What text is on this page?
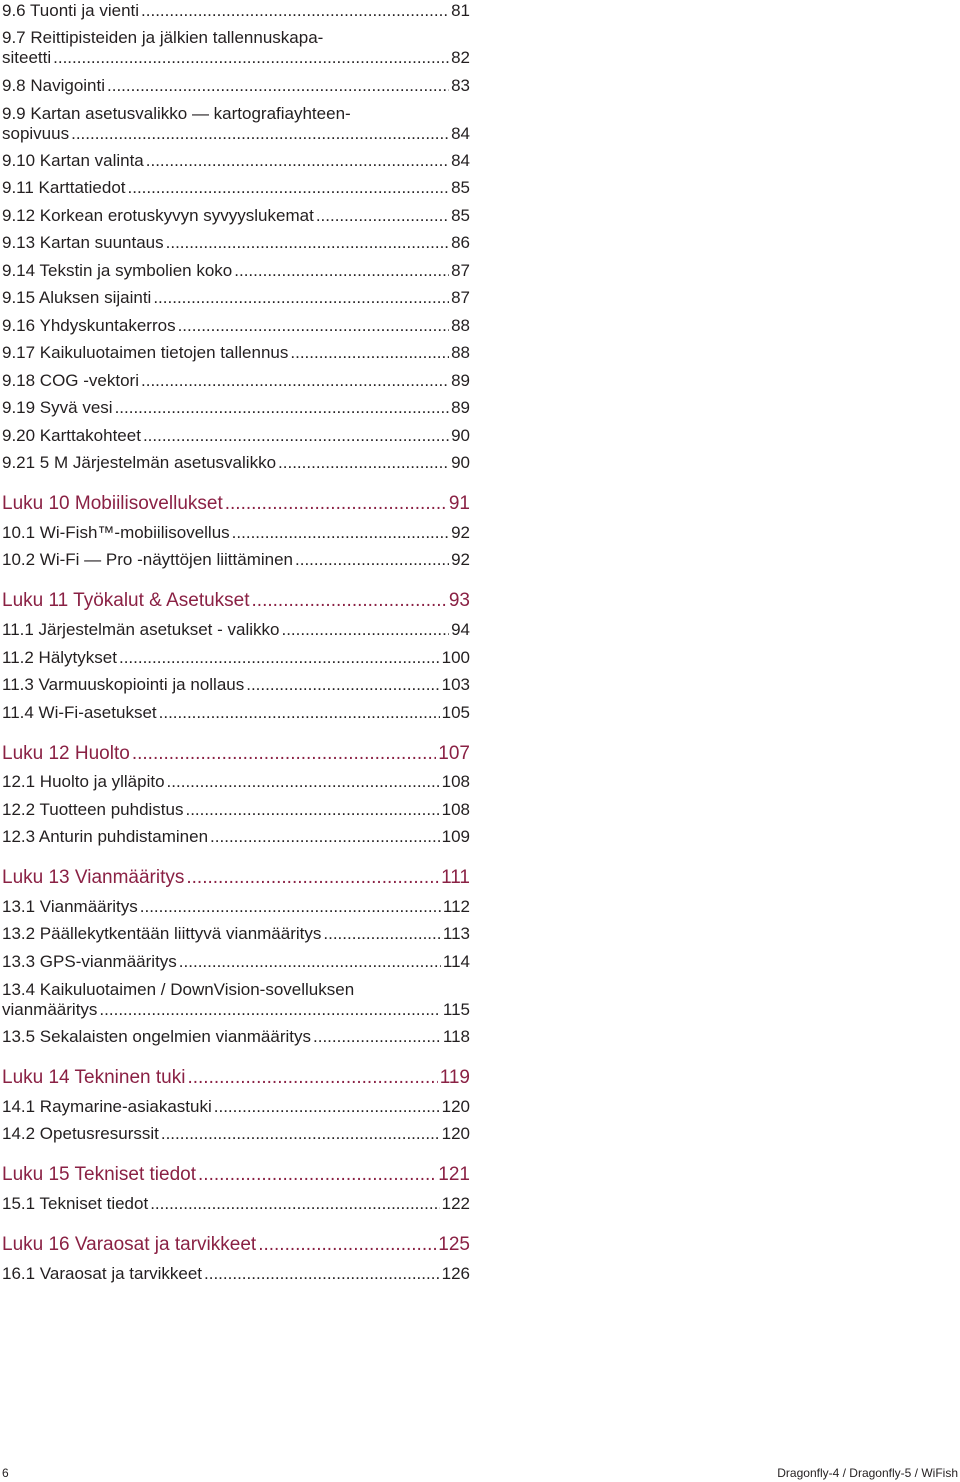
9.6 Tuonti ja vienti .....	81
9.7 Reittipisteiden ja jälkien tallennuskapa-
siteetti .....	82
9.8 Navigointi .....	83
9.9 Kartan asetusvalikko — kartografiayhteen-
sopivuus .....	84
9.10 Kartan valinta .....	84
9.11 Karttatiedot .....	85
9.12 Korkean erotuskyvyn syvyyslukemat .....	85
9.13 Kartan suuntaus .....	86
9.14 Tekstin ja symbolien koko .....	87
9.15 Aluksen sijainti .....	87
9.16 Yhdyskuntakerros .....	88
9.17 Kaikuluotaimen tietojen tallennus .....	88
9.18 COG -vektori .....	89
9.19 Syvä vesi .....	89
9.20 Karttakohteet .....	90
9.21 5 M Järjestelmän asetusvalikko .....	90
Luku 10 Mobiilisovellukset .....	91
10.1 Wi-Fish™-mobiilisovellus .....	92
10.2 Wi-Fi — Pro -näyttöjen liittäminen .....	92
Luku 11 Työkalut & Asetukset .....	93
11.1 Järjestelmän asetukset - valikko .....	94
11.2 Hälytykset .....	100
11.3 Varmuuskopiointi ja nollaus .....	103
11.4 Wi-Fi-asetukset .....	105
Luku 12 Huolto .....	107
12.1 Huolto ja ylläpito .....	108
12.2 Tuotteen puhdistus .....	108
12.3 Anturin puhdistaminen .....	109
Luku 13 Vianmääritys .....	111
13.1 Vianmääritys .....	112
13.2 Päällekytkentään liittyvä vianmääritys .....	113
13.3 GPS-vianmääritys .....	114
13.4 Kaikuluotaimen / DownVision-sovelluksen
vianmääritys .....	115
13.5 Sekalaisten ongelmien vianmääritys .....	118
Luku 14 Tekninen tuki .....	119
14.1 Raymarine-asiakastuki .....	120
14.2 Opetusresurssit .....	120
Luku 15 Tekniset tiedot .....	121
15.1 Tekniset tiedot .....	122
Luku 16 Varaosat ja tarvikkeet .....	125
16.1 Varaosat ja tarvikkeet .....	126
6	Dragonfly-4 / Dragonfly-5 / WiFish
